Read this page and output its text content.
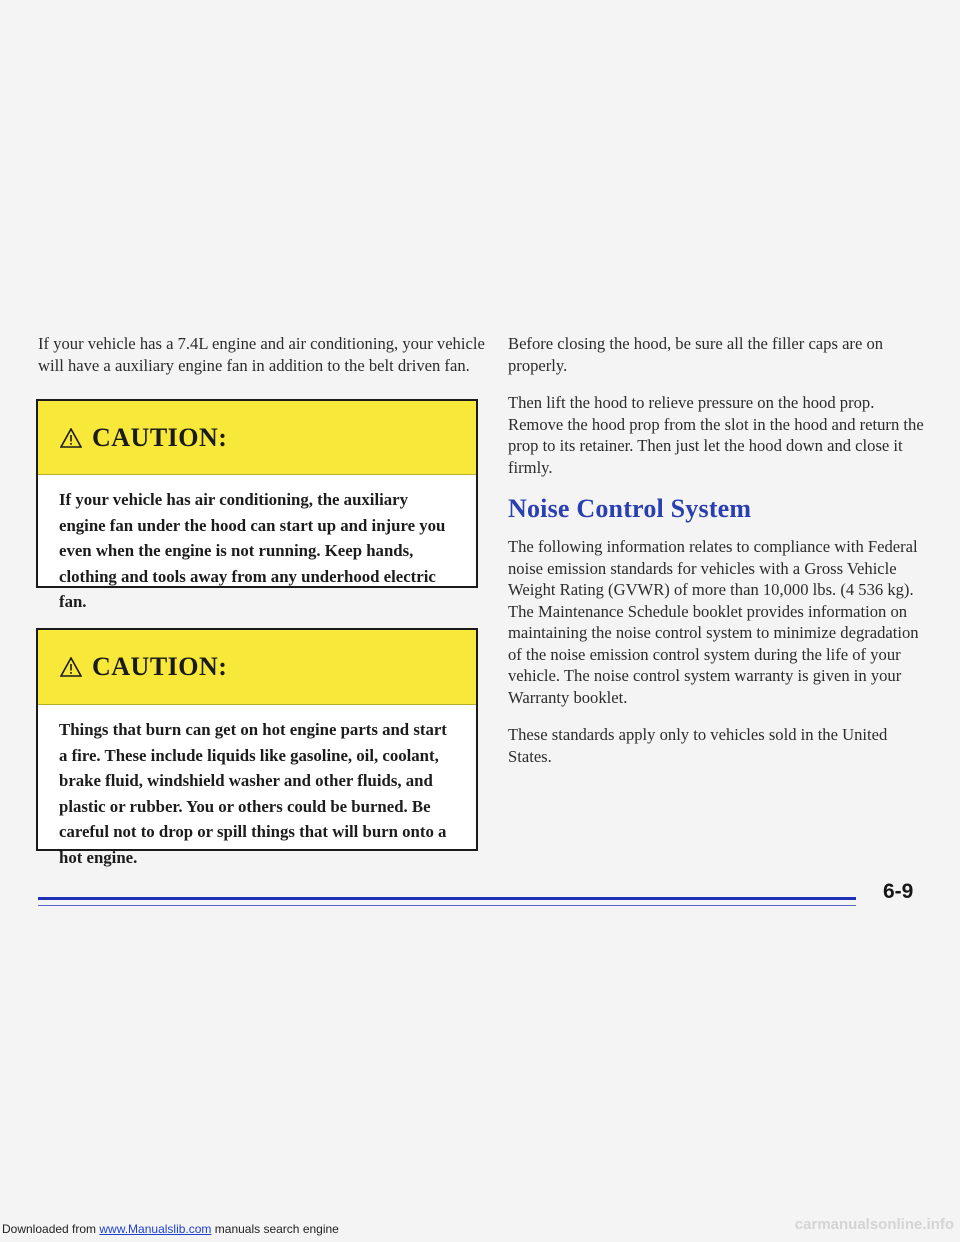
If your vehicle has a 7.4L engine and air conditioning, your vehicle will have a auxiliary engine fan in addition to the belt driven fan.

CAUTION:
If your vehicle has air conditioning, the auxiliary engine fan under the hood can start up and injure you even when the engine is not running. Keep hands, clothing and tools away from any underhood electric fan.
CAUTION:
Things that burn can get on hot engine parts and start a fire. These include liquids like gasoline, oil, coolant, brake fluid, windshield washer and other fluids, and plastic or rubber. You or others could be burned. Be careful not to drop or spill things that will burn onto a hot engine.

Before closing the hood, be sure all the filler caps are on properly.

Then lift the hood to relieve pressure on the hood prop. Remove the hood prop from the slot in the hood and return the prop to its retainer. Then just let the hood down and close it firmly.

Noise Control System

The following information relates to compliance with Federal noise emission standards for vehicles with a Gross Vehicle Weight Rating (GVWR) of more than 10,000 lbs. (4 536 kg). The Maintenance Schedule booklet provides information on maintaining the noise control system to minimize degradation of the noise emission control system during the life of your vehicle. The noise control system warranty is given in your Warranty booklet.

These standards apply only to vehicles sold in the United States.

6-9
Downloaded from www.Manualslib.com manuals search engine	carmanualsonline.info
